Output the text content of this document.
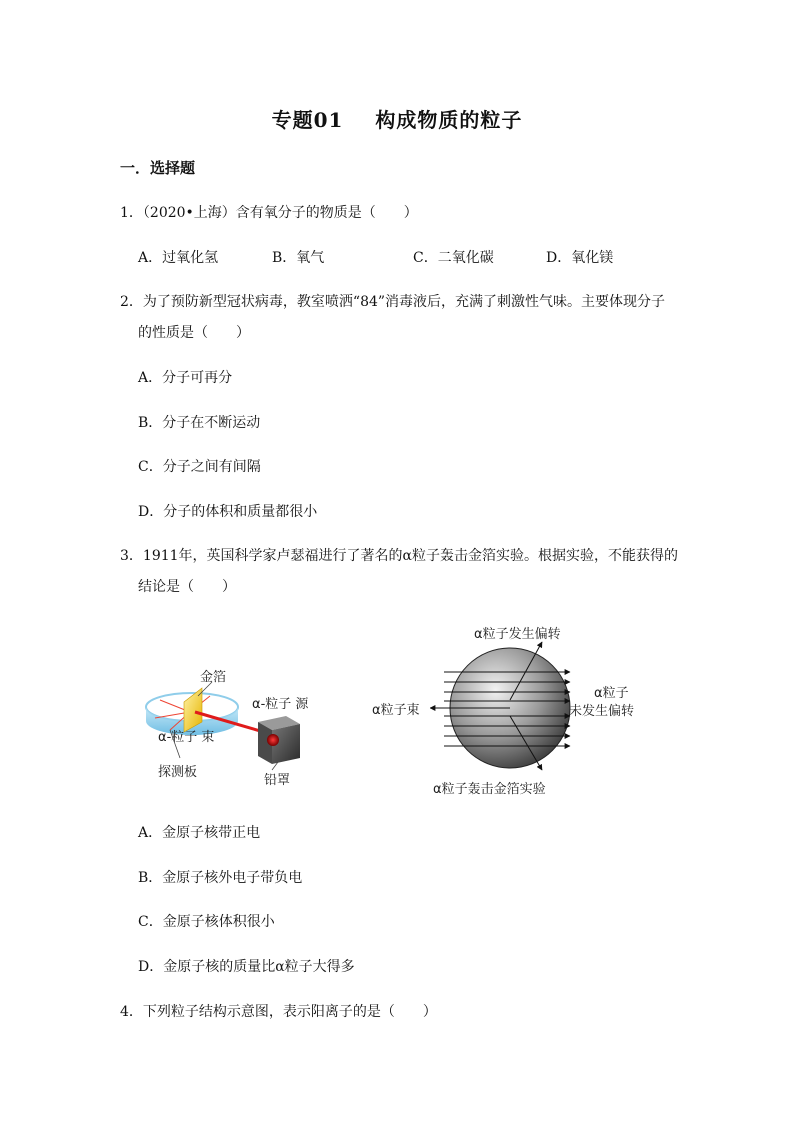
专题01 构成物质的粒子
一．选择题
1．（2020•上海）含有氧分子的物质是（　　）
A．过氧化氢	B．氧气	C．二氧化碳	D．氧化镁
2．为了预防新型冠状病毒，教室喷洒“84”消毒液后，充满了刺激性气味。主要体现分子
的性质是（　　）
A．分子可再分
B．分子在不断运动
C．分子之间有间隔
D．分子的体积和质量都很小
3．1911年，英国科学家卢瑟福进行了著名的α粒子轰击金箔实验。根据实验，不能获得的
结论是（　　）
金箔
α-粒子 源
α-粒子 束
探测板
铅罩
α粒子发生偏转
α粒子束
α粒子
未发生偏转
α粒子轰击金箔实验
A．金原子核带正电
B．金原子核外电子带负电
C．金原子核体积很小
D．金原子核的质量比α粒子大得多
4．下列粒子结构示意图，表示阳离子的是（　　）
